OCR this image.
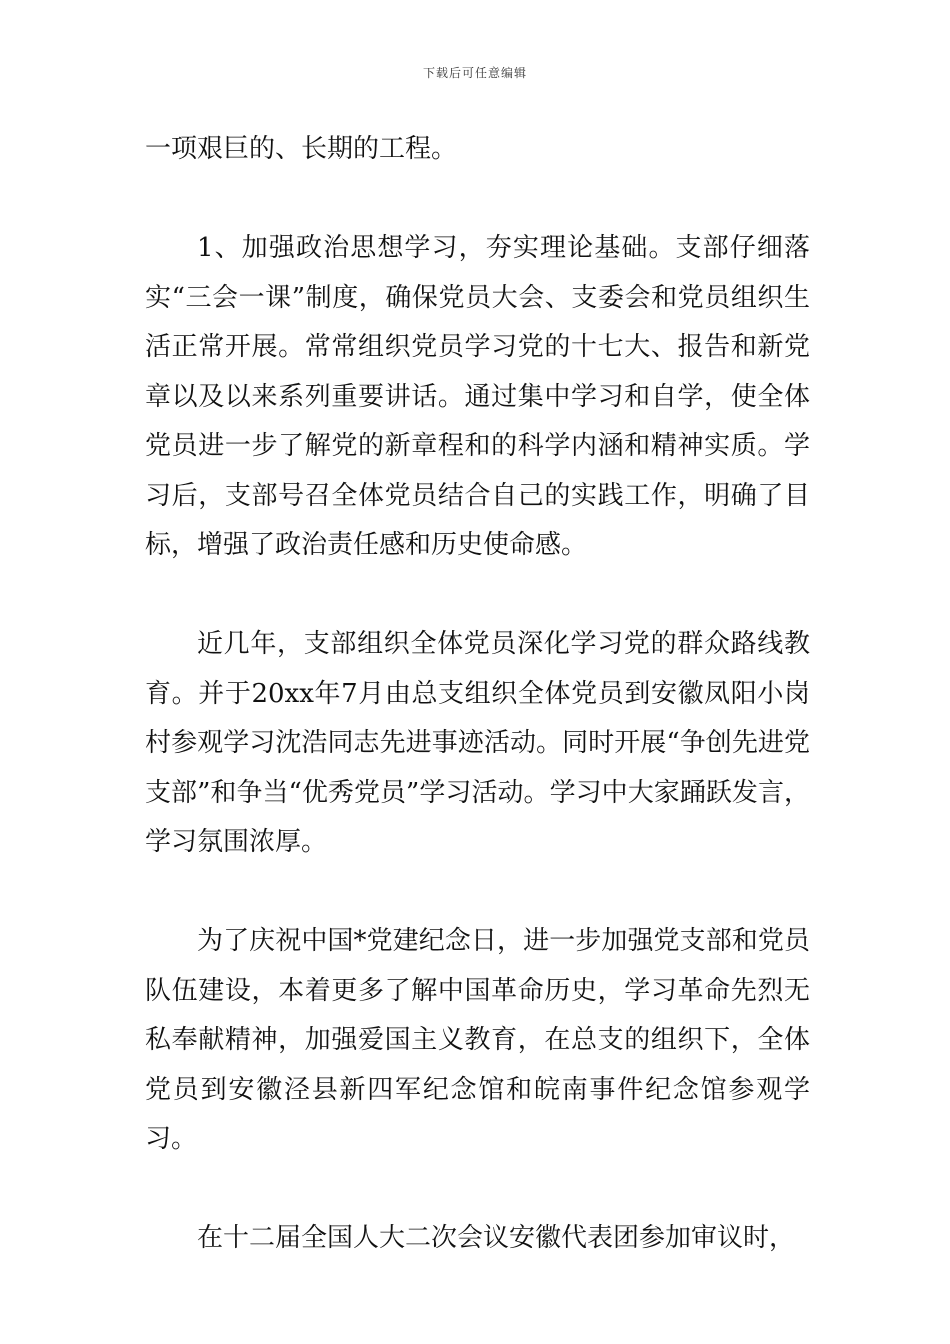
下载后可任意编辑

一项艰巨的、长期的工程。

1、加强政治思想学习，夯实理论基础。支部仔细落实“三会一课”制度，确保党员大会、支委会和党员组织生活正常开展。常常组织党员学习党的十七大、报告和新党章以及以来系列重要讲话。通过集中学习和自学，使全体党员进一步了解党的新章程和的科学内涵和精神实质。学习后，支部号召全体党员结合自己的实践工作，明确了目标，增强了政治责任感和历史使命感。

近几年，支部组织全体党员深化学习党的群众路线教育。并于20xx年7月由总支组织全体党员到安徽凤阳小岗村参观学习沈浩同志先进事迹活动。同时开展“争创先进党支部”和争当“优秀党员”学习活动。学习中大家踊跃发言，学习氛围浓厚。

为了庆祝中国*党建纪念日，进一步加强党支部和党员队伍建设，本着更多了解中国革命历史，学习革命先烈无私奉献精神，加强爱国主义教育，在总支的组织下，全体党员到安徽泾县新四军纪念馆和皖南事件纪念馆参观学习。

在十二届全国人大二次会议安徽代表团参加审议时，
